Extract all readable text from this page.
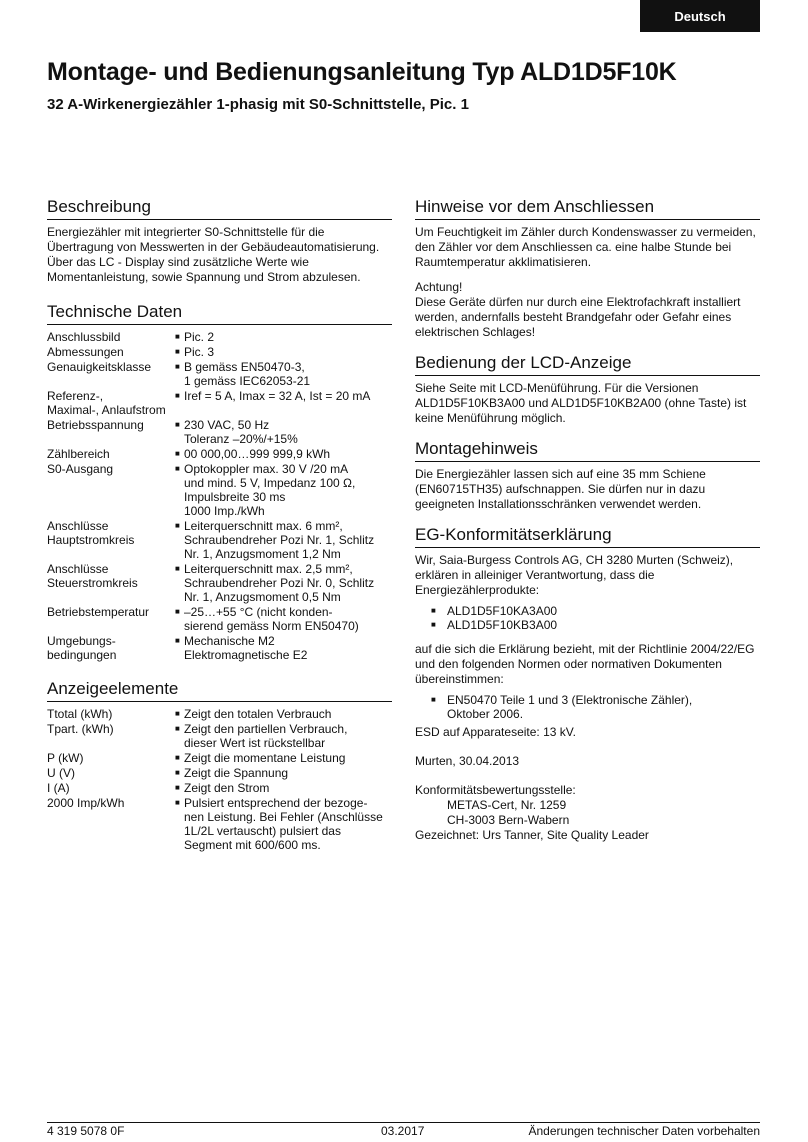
Deutsch
Montage- und Bedienungsanleitung Typ ALD1D5F10K
32 A-Wirkenergiezähler 1-phasig mit S0-Schnittstelle, Pic. 1
Beschreibung

Energiezähler mit integrierter S0-Schnittstelle für die Übertragung von Messwerten in der Gebäudeautomatisierung. Über das LC - Display sind zusätzliche Werte wie Momentanleistung, sowie Spannung und Strom abzulesen.

Technische Daten
Anschlussbild	■ Pic. 2
Abmessungen	■ Pic. 3
Genauigkeitsklasse	■ B gemäss EN50470-3,
1 gemäss IEC62053-21
Referenz-,
Maximal-, Anlaufstrom
■ Iref = 5 A, Imax = 32 A, Ist = 20 mA
Betriebsspannung	■ 230 VAC, 50 Hz
Toleranz –20%/+15%
Zählbereich	■ 00 000,00…999 999,9 kWh
S0-Ausgang	■ Optokoppler max. 30 V /20 mA
und mind. 5 V, Impedanz 100 Ω,
Impulsbreite 30 ms
1000 Imp./kWh
Anschlüsse
Hauptstromkreis
■ Leiterquerschnitt max. 6 mm²,
Schraubendreher Pozi Nr. 1, Schlitz
Nr. 1, Anzugsmoment 1,2 Nm
Anschlüsse
Steuerstromkreis
■ Leiterquerschnitt max. 2,5 mm²,
Schraubendreher Pozi Nr. 0, Schlitz
Nr. 1, Anzugsmoment 0,5 Nm
Betriebstemperatur	■ –25…+55 °C (nicht konden-
sierend gemäss Norm EN50470)
Umgebungs-
bedingungen
■ Mechanische M2
Elektromagnetische E2
Anzeigeelemente
Ttotal (kWh)	■ Zeigt den totalen Verbrauch
Tpart. (kWh)	■ Zeigt den partiellen Verbrauch,
dieser Wert ist rückstellbar
P (kW)	■ Zeigt die momentane Leistung
U (V)	■ Zeigt die Spannung
I (A)	■ Zeigt den Strom
2000 Imp/kWh	■ Pulsiert entsprechend der bezoge-
nen Leistung. Bei Fehler (Anschlüsse
1L/2L vertauscht) pulsiert das
Segment mit 600/600 ms.
Hinweise vor dem Anschliessen

Um Feuchtigkeit im Zähler durch Kondenswasser zu vermeiden, den Zähler vor dem Anschliessen ca. eine halbe Stunde bei Raumtemperatur akklimatisieren.

Achtung!

Diese Geräte dürfen nur durch eine Elektrofachkraft installiert werden, andernfalls besteht Brandgefahr oder Gefahr eines elektrischen Schlages!

Bedienung der LCD-Anzeige

Siehe Seite mit LCD-Menüführung. Für die Versionen ALD1D5F10KB3A00 und ALD1D5F10KB2A00 (ohne Taste) ist keine Menüführung möglich.

Montagehinweis

Die Energiezähler lassen sich auf eine 35 mm Schiene (EN60715TH35) aufschnappen. Sie dürfen nur in dazu geeigneten Installationsschränken verwendet werden.

EG-Konformitätserklärung

Wir, Saia-Burgess Controls AG, CH 3280 Murten (Schweiz), erklären in alleiniger Verantwortung, dass die Energiezählerprodukte:

■ ALD1D5F10KA3A00
■ ALD1D5F10KB3A00

auf die sich die Erklärung bezieht, mit der Richtlinie 2004/22/EG und den folgenden Normen oder normativen Dokumenten übereinstimmen:

■ EN50470 Teile 1 und 3 (Elektronische Zähler),
Oktober 2006.

ESD auf Apparateseite: 13 kV.

Murten, 30.04.2013

Konformitätsbewertungsstelle:

METAS-Cert, Nr. 1259

CH-3003 Bern-Wabern

Gezeichnet: Urs Tanner, Site Quality Leader

4 319 5078 0F	03.2017	Änderungen technischer Daten vorbehalten
